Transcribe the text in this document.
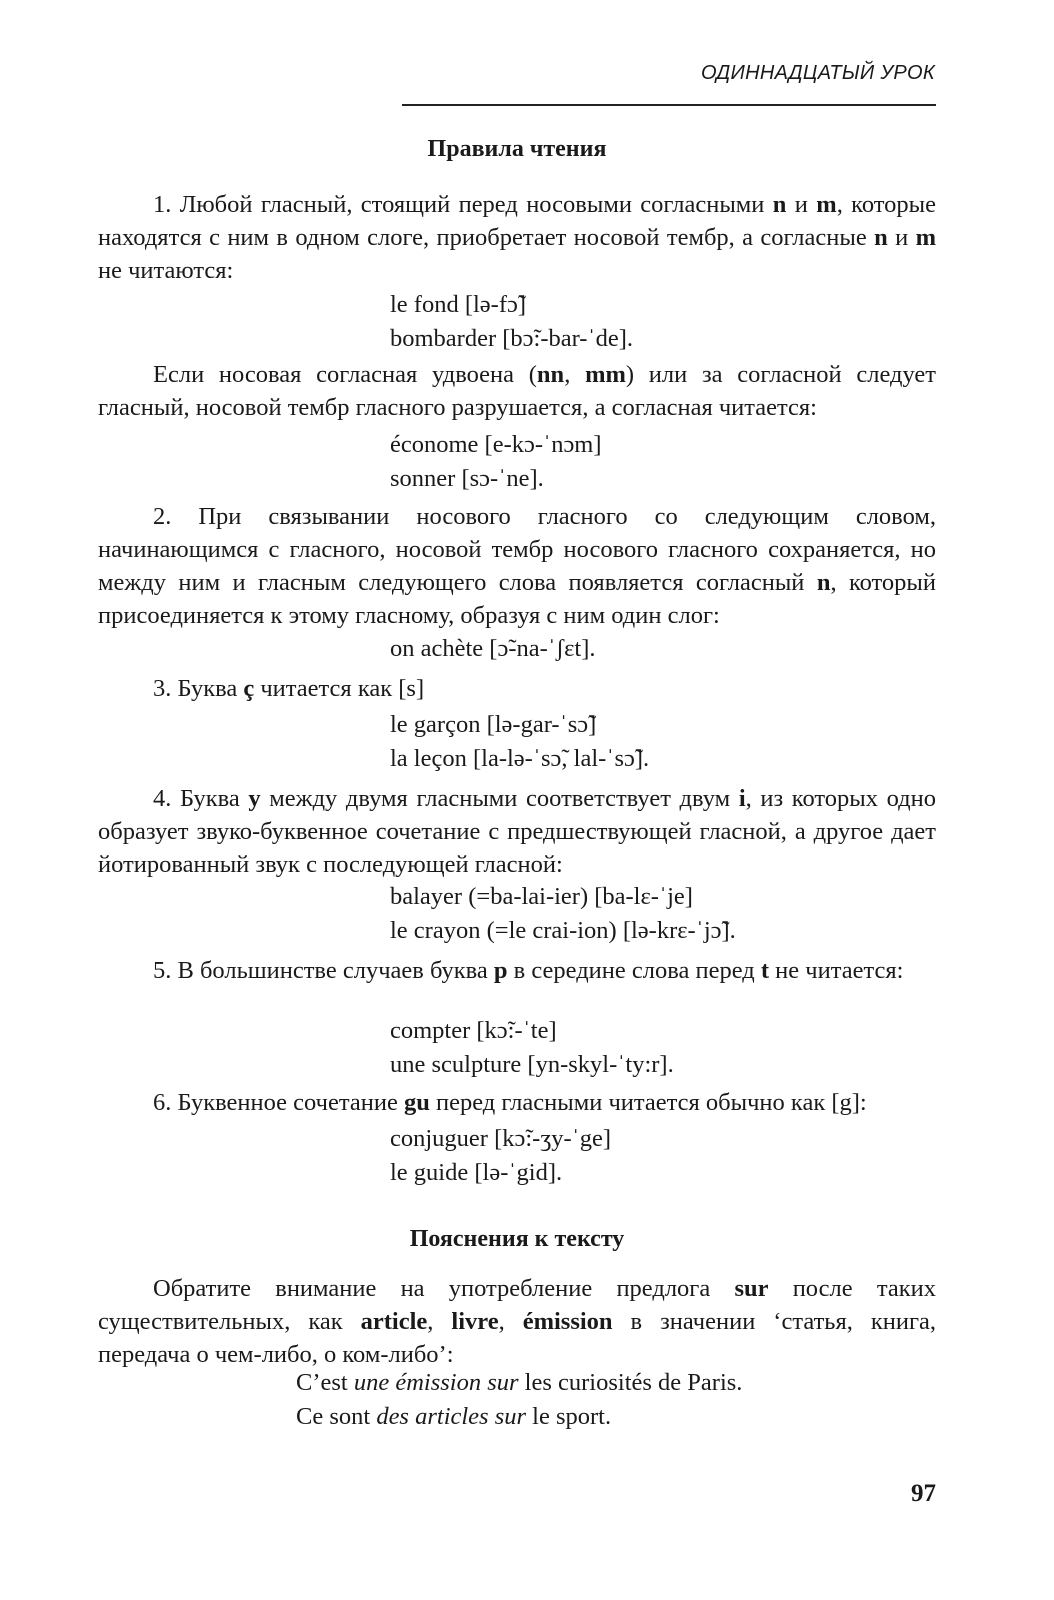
ОДИННАДЦАТЫЙ УРОК
Правила чтения

1. Любой гласный, стоящий перед носовыми согласными n и m, которые находятся с ним в одном слоге, приобретает носовой тембр, а согласные n и m не читаются:

le fond [lə-fɔ̃]
bombarder [bɔ̃:-bar-ˈde].

Если носовая согласная удвоена (nn, mm) или за согласной следует гласный, носовой тембр гласного разрушается, а согласная читается:

économe [e-kɔ-ˈnɔm]
sonner [sɔ-ˈne].

2. При связывании носового гласного со следующим словом, начинающимся с гласного, носовой тембр носового гласного сохраняется, но между ним и гласным следующего слова появляется согласный n, который присоединяется к этому гласному, образуя с ним один слог:

on achète [ɔ̃-na-ˈʃɛt].

3. Буква ç читается как [s]

le garçon [lə-gar-ˈsɔ̃]
la leçon [la-lə-ˈsɔ̃, lal-ˈsɔ̃].

4. Буква y между двумя гласными соответствует двум i, из которых одно образует звуко-буквенное сочетание с предшествующей гласной, а другое дает йотированный звук с последующей гласной:

balayer (=ba-lai-ier) [ba-lɛ-ˈje]
le crayon (=le crai-ion) [lə-krɛ-ˈjɔ̃].

5. В большинстве случаев буква p в середине слова перед t не читается:

compter [kɔ̃:-ˈte]
une sculpture [yn-skyl-ˈty:r].

6. Буквенное сочетание gu перед гласными читается обычно как [g]:

conjuguer [kɔ̃:-ʒy-ˈge]
le guide [lə-ˈgid].
Пояснения к тексту

Обратите внимание на употребление предлога sur после таких существительных, как article, livre, émission в значении ‘статья, книга, передача о чем-либо, о ком-либо’:

C’est une émission sur les curiosités de Paris.
Ce sont des articles sur le sport.
97
